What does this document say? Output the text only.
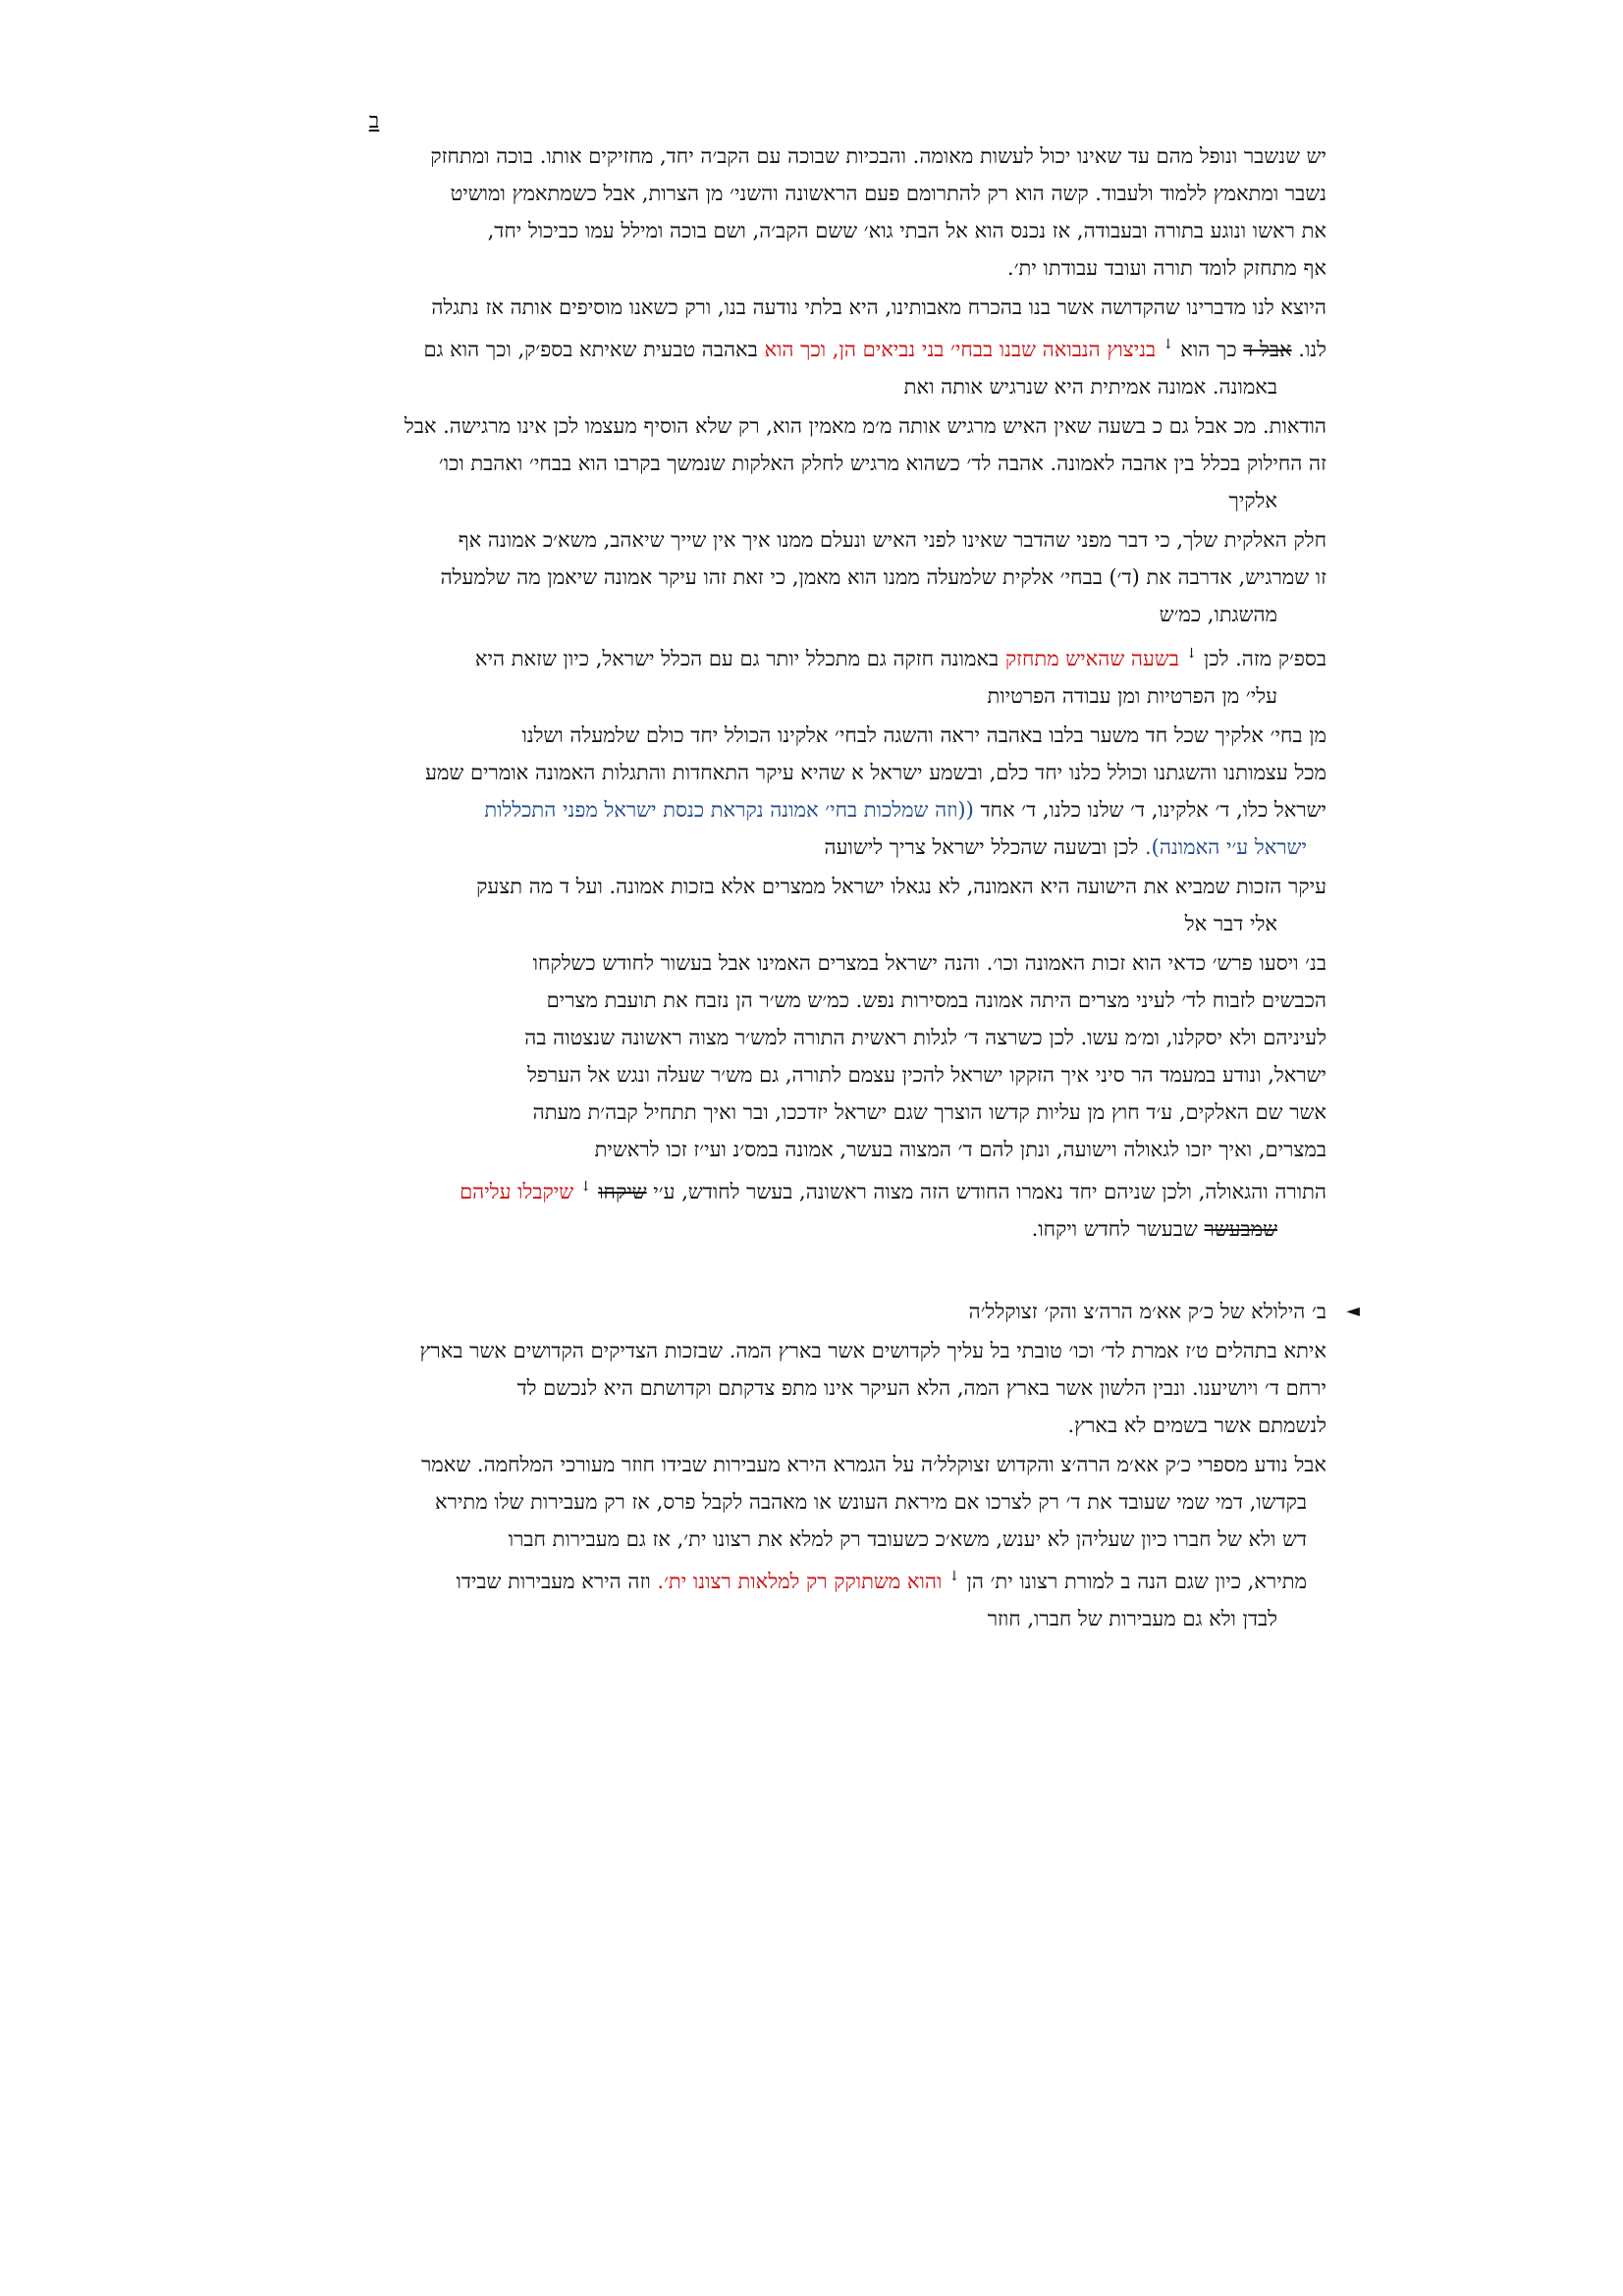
ב
יש שנשבר ונופל מהם עד שאינו יכול לעשות מאומה. והבכיות שבוכה עם הקב׳ה יחד, מחזיקים אותו. בוכה ומתחזק
נשבר ומתאמץ ללמוד ולעבוד. קשה הוא רק להתרומם פעם הראשונה והשני׳ מן הצרות, אבל כשמתאמץ ומושיט
את ראשו ונוגע בתורה ובעבודה, אז נכנס הוא אל הבתי גוא׳ ששם הקב׳ה, ושם בוכה ומילל עמו כביכול יחד,
אף מתחזק לומד תורה ועובד עבודתו ית׳.
היוצא לנו מדברינו שהקדושה אשר בנו בהכרח מאבותינו, היא בלתי נודעה בנו, ורק כשאנו מוסיפים אותה אז נתגלה
לנו. אבל ד כך הוא ↓ בניצוץ הנבואה שבנו בבחי׳ בני נביאים הן, וכך הוא באהבה טבעית שאיתא בספ׳ק, וכך הוא גם
באמונה. אמונה אמיתית היא שנרגיש אותה ואת
הודאות. מכ אבל גם כ בשעה שאין האיש מרגיש אותה מ׳מ מאמין הוא, רק שלא הוסיף מעצמו לכן אינו מרגישה. אבל
זה החילוק בכלל בין אהבה לאמונה. אהבה לד׳ כשהוא מרגיש לחלק האלקות שנמשך בקרבו הוא בבחי׳ ואהבת וכו׳
אלקיך
חלק האלקית שלך, כי דבר מפני שהדבר שאינו לפני האיש ונעלם ממנו איך אין שייך שיאהב, משא׳כ אמונה אף
זו שמרגיש, אדרבה את (ד׳) בבחי׳ אלקית שלמעלה ממנו הוא מאמן, כי זאת זהו עיקר אמונה שיאמן מה שלמעלה
מהשגתו, כמ׳ש
בספ׳ק מזה. לכן ↓ בשעה שהאיש מתחזק באמונה חזקה גם מתכלל יותר גם עם הכלל ישראל, כיון שזאת היא
עלי׳ מן הפרטיות ומן עבודה הפרטיות
מן בחי׳ אלקיך שכל חד משער בלבו באהבה יראה והשגה לבחי׳ אלקינו הכולל יחד כולם שלמעלה ושלנו
מכל עצמותנו והשגתנו וכולל כלנו יחד כלם, ובשמע ישראל א שהיא עיקר התאחדות והתגלות האמונה אומרים שמע
ישראל כלו, ד׳ אלקינו, ד׳ שלנו כלנו, ד׳ אחד ((וזה שמלכות בחי׳ אמונה נקראת כנסת ישראל מפני התכללות
ישראל ע׳י האמונה). לכן ובשעה שהכלל ישראל צריך לישועה
עיקר הזכות שמביא את הישועה היא האמונה, לא נגאלו ישראל ממצרים אלא בזכות אמונה. ועל ד מה תצעק
אלי דבר אל
בנ׳ ויסעו פרש׳ כדאי הוא זכות האמונה וכו׳. והנה ישראל במצרים האמינו אבל בעשור לחודש כשלקחו
הכבשים לזבוח לד׳ לעיני מצרים היתה אמונה במסירות נפש. כמ׳ש מש׳ר הן נזבח את תועבת מצרים
לעיניהם ולא יסקלנו, ומ׳מ עשו. לכן כשרצה ד׳ לגלות ראשית התורה למש׳ר מצוה ראשונה שנצטוה בה
ישראל, ונודע במעמד הר סיני איך הזקקו ישראל להכין עצמם לתורה, גם מש׳ר שעלה ונגש אל הערפל
אשר שם האלקים, ע׳ד חוץ מן עליות קדשו הוצרך שגם ישראל יזדככו, ובר ואיך תתחיל קבה׳ת מעתה
במצרים, ואיך יזכו לגאולה וישועה, ונתן להם ד׳ המצוה בעשר, אמונה במס׳נ ועי׳ז זכו לראשית
התורה והגאולה, ולכן שניהם יחד נאמרו החודש הזה מצוה ראשונה, בעשר לחודש, ע׳י שיקחו ↓ שיקבלו עליהם
שמבעשר שבעשר לחדש ויקחו.
◄
ב׳ הילולא של כ׳ק אא׳מ הרה׳צ והק׳ זצוקלל׳ה
איתא בתהלים ט׳ז אמרת לד׳ וכו׳ טובתי בל עליך לקדושים אשר בארץ המה. שבזכות הצדיקים הקדושים אשר בארץ
ירחם ד׳ ויושיענו. ונבין הלשון אשר בארץ המה, הלא העיקר אינו מתפ צדקתם וקדושתם היא לנכשם לד
לנשמתם אשר בשמים לא בארץ.
אבל נודע מספרי כ׳ק אא׳מ הרה׳צ והקדוש זצוקלל׳ה על הגמרא הירא מעבירות שבידו חוזר מעורכי המלחמה. שאמר
בקדשו, דמי שמי שעובד את ד׳ רק לצרכו אם מיראת העונש או מאהבה לקבל פרס, אז רק מעבירות שלו מתירא
דש ולא של חברו כיון שעליהן לא יענש, משא׳כ כשעובד רק למלא את רצונו ית׳, אז גם מעבירות חברו
מתירא, כיון שגם הנה ב למורת רצונו ית׳ הן ↓ והוא משתוקק רק למלאות רצונו ית׳. וזה הירא מעבירות שבידו
לבדן ולא גם מעבירות של חברו, חוזר
